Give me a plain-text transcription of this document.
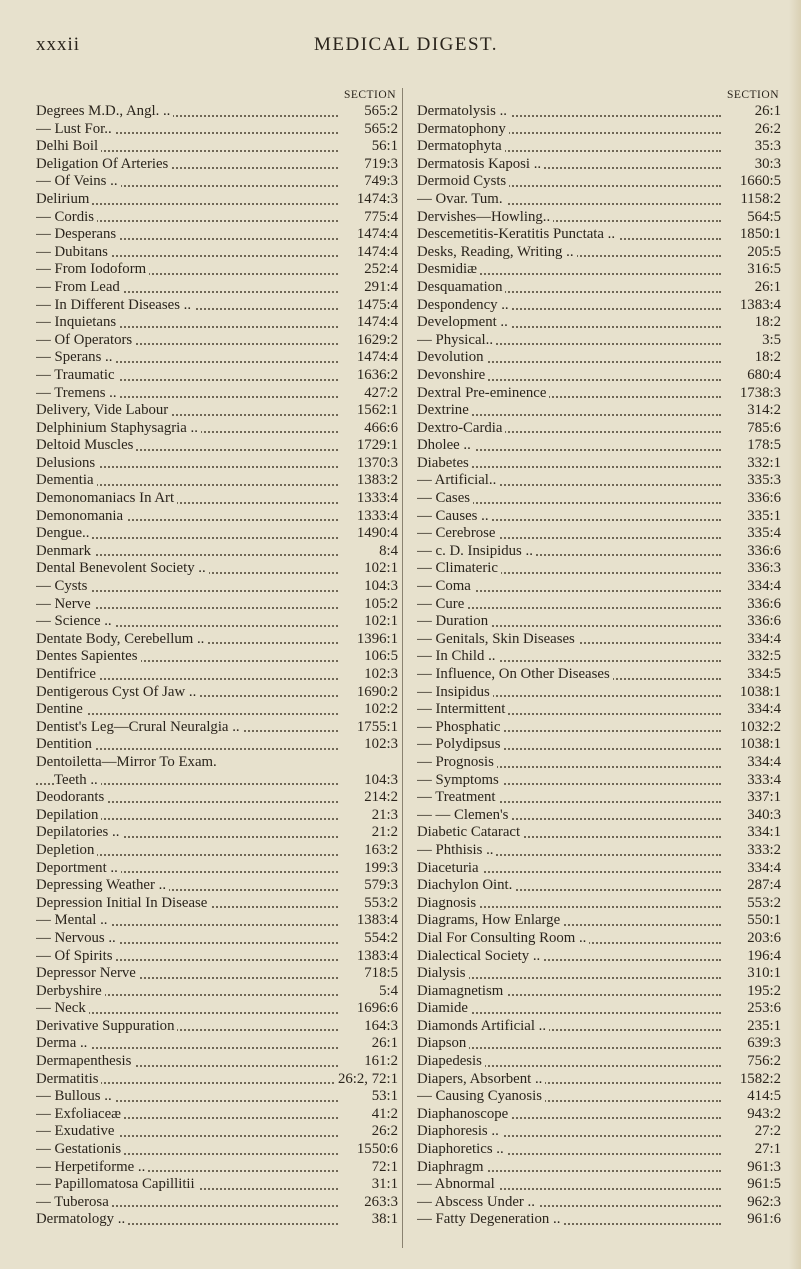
xxxii	MEDICAL DIGEST.
SECTION
Degrees M.D., Angl. ..	565:2
— Lust For..	565:2
Delhi Boil	56:1
Deligation Of Arteries	719:3
— Of Veins ..	749:3
Delirium	1474:3
— Cordis	775:4
— Desperans	1474:4
— Dubitans	1474:4
— From Iodoform	252:4
— From Lead	291:4
— In Different Diseases ..	1475:4
— Inquietans	1474:4
— Of Operators	1629:2
— Sperans ..	1474:4
— Traumatic	1636:2
— Tremens ..	427:2
Delivery, Vide Labour	1562:1
Delphinium Staphysagria ..	466:6
Deltoid Muscles	1729:1
Delusions	1370:3
Dementia	1383:2
Demonomaniacs In Art	1333:4
Demonomania	1333:4
Dengue..	1490:4
Denmark	8:4
Dental Benevolent Society ..	102:1
— Cysts	104:3
— Nerve	105:2
— Science ..	102:1
Dentate Body, Cerebellum ..	1396:1
Dentes Sapientes	106:5
Dentifrice	102:3
Dentigerous Cyst Of Jaw ..	1690:2
Dentine	102:2
Dentist's Leg—Crural Neuralgia ..	1755:1
Dentition	102:3
Dentoiletta—Mirror To Exam.
Teeth ..	104:3
Deodorants	214:2
Depilation	21:3
Depilatories ..	21:2
Depletion	163:2
Deportment ..	199:3
Depressing Weather ..	579:3
Depression Initial In Disease	553:2
— Mental ..	1383:4
— Nervous ..	554:2
— Of Spirits	1383:4
Depressor Nerve	718:5
Derbyshire	5:4
— Neck	1696:6
Derivative Suppuration	164:3
Derma ..	26:1
Dermapenthesis	161:2
Dermatitis	26:2, 72:1
— Bullous ..	53:1
— Exfoliaceæ	41:2
— Exudative	26:2
— Gestationis	1550:6
— Herpetiforme ..	72:1
— Papillomatosa Capillitii	31:1
— Tuberosa	263:3
Dermatology ..	38:1
SECTION
Dermatolysis ..	26:1
Dermatophony	26:2
Dermatophyta	35:3
Dermatosis Kaposi ..	30:3
Dermoid Cysts	1660:5
— Ovar. Tum.	1158:2
Dervishes—Howling..	564:5
Descemetitis-Keratitis Punctata ..	1850:1
Desks, Reading, Writing ..	205:5
Desmidiæ	316:5
Desquamation	26:1
Despondency ..	1383:4
Development ..	18:2
— Physical..	3:5
Devolution	18:2
Devonshire	680:4
Dextral Pre-eminence	1738:3
Dextrine	314:2
Dextro-Cardia	785:6
Dholee ..	178:5
Diabetes	332:1
— Artificial..	335:3
— Cases	336:6
— Causes ..	335:1
— Cerebrose	335:4
— c. D. Insipidus ..	336:6
— Climateric	336:3
— Coma	334:4
— Cure	336:6
— Duration	336:6
— Genitals, Skin Diseases	334:4
— In Child ..	332:5
— Influence, On Other Diseases	334:5
— Insipidus	1038:1
— Intermittent	334:4
— Phosphatic	1032:2
— Polydipsus	1038:1
— Prognosis	334:4
— Symptoms	333:4
— Treatment	337:1
— — Clemen's	340:3
Diabetic Cataract	334:1
— Phthisis ..	333:2
Diaceturia	334:4
Diachylon Oint.	287:4
Diagnosis	553:2
Diagrams, How Enlarge	550:1
Dial For Consulting Room ..	203:6
Dialectical Society ..	196:4
Dialysis	310:1
Diamagnetism	195:2
Diamide	253:6
Diamonds Artificial ..	235:1
Diapson	639:3
Diapedesis	756:2
Diapers, Absorbent ..	1582:2
— Causing Cyanosis	414:5
Diaphanoscope	943:2
Diaphoresis ..	27:2
Diaphoretics ..	27:1
Diaphragm	961:3
— Abnormal	961:5
— Abscess Under ..	962:3
— Fatty Degeneration ..	961:6
